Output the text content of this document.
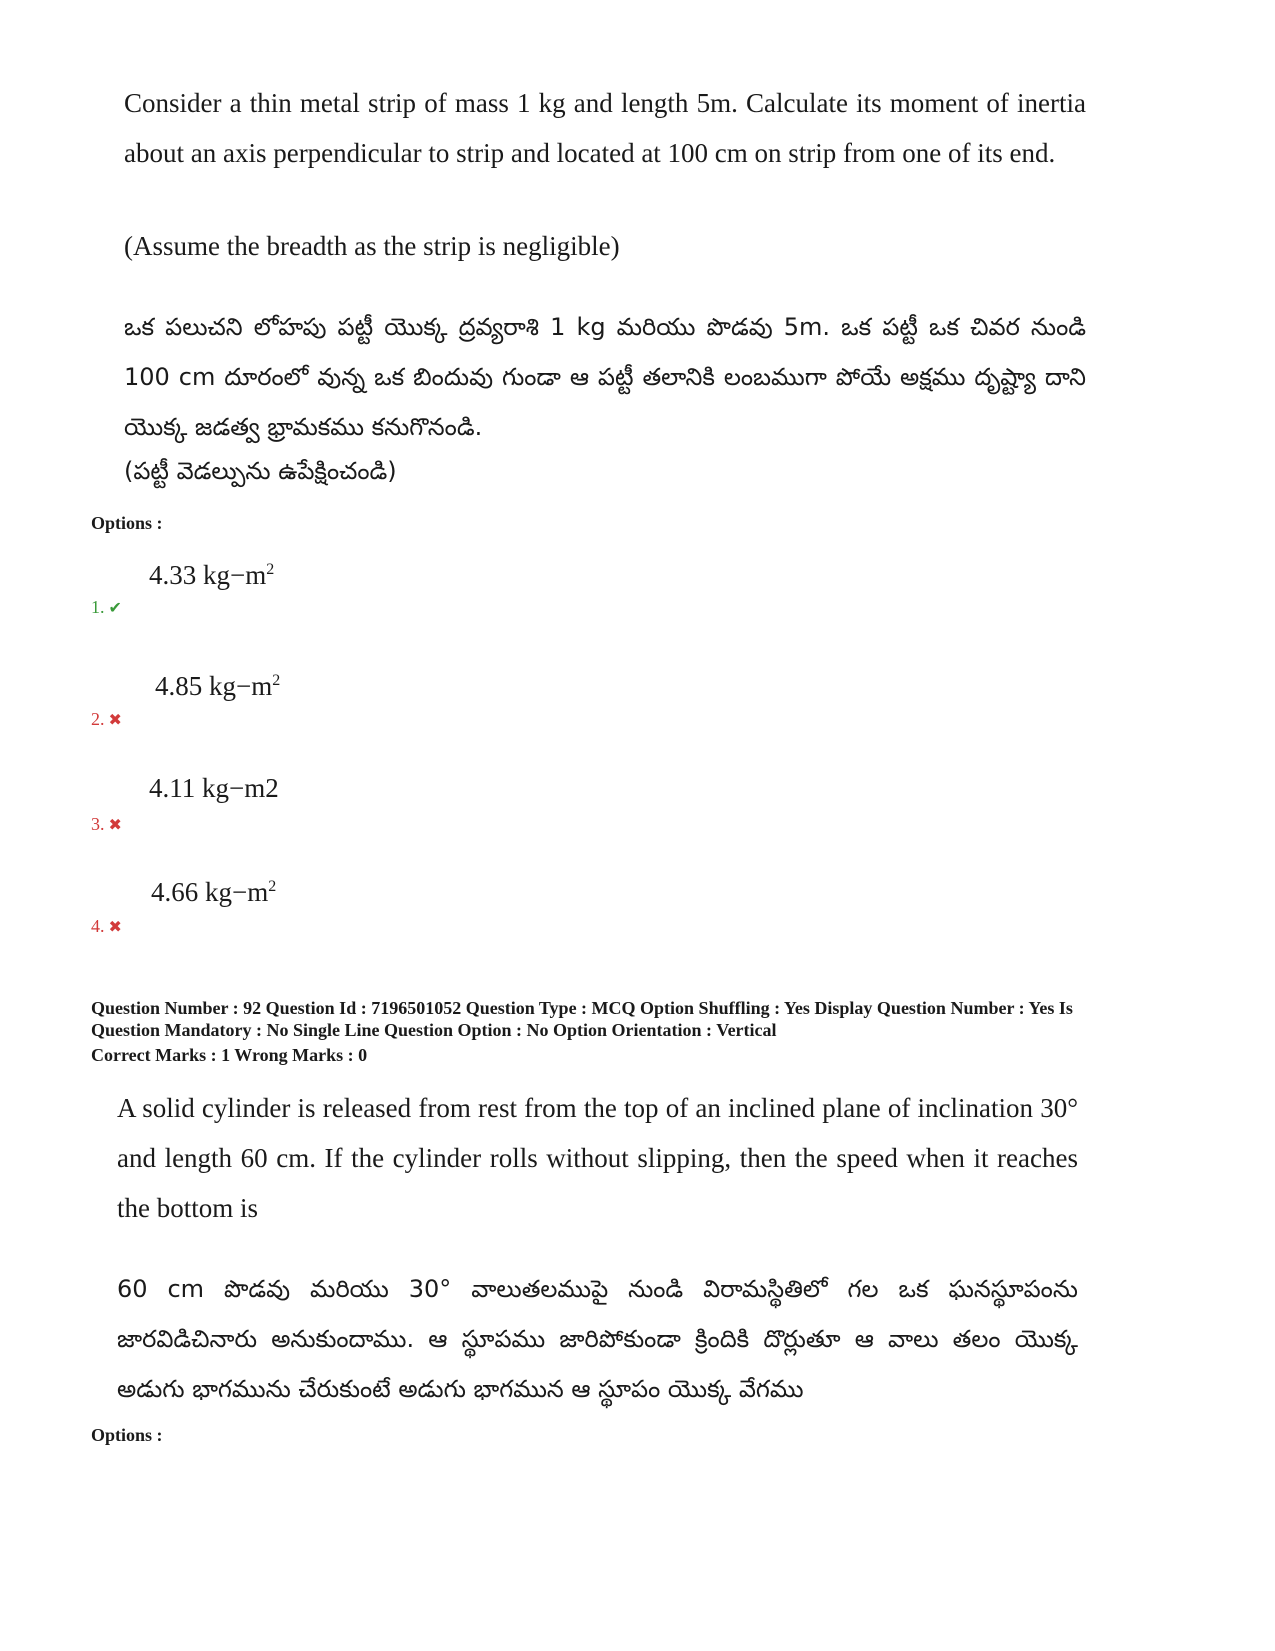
Consider a thin metal strip of mass 1 kg and length 5m. Calculate its moment of inertia about an axis perpendicular to strip and located at 100 cm on strip from one of its end.
(Assume the breadth as the strip is negligible)
ఒక పలుచని లోహపు పట్టీ యొక్క ద్రవ్యరాశి 1 kg మరియు పొడవు 5m. ఒక పట్టీ ఒక చివర నుండి 100 cm దూరంలో వున్న ఒక బిందువు గుండా ఆ పట్టీ తలానికి లంబముగా పోయే అక్షము దృష్ట్యా దాని యొక్క జడత్వ భ్రామకము కనుగొనండి.
(పట్టీ వెడల్పును ఉపేక్షించండి)
Options :
4.33 $kg-m^2$
1. ✔
4.85 $kg-m^2$
2. ✖
4.11 kg−m2
3. ✖
4.66 $kg-m^2$
4. ✖
Question Number : 92 Question Id : 7196501052 Question Type : MCQ Option Shuffling : Yes Display Question Number : Yes Is
Question Mandatory : No Single Line Question Option : No Option Orientation : Vertical
Correct Marks : 1 Wrong Marks : 0
A solid cylinder is released from rest from the top of an inclined plane of inclination 30° and length 60 cm. If the cylinder rolls without slipping, then the speed when it reaches the bottom is
60 cm పొడవు మరియు 30° వాలుతలముపై నుండి విరామస్థితిలో గల ఒక ఘనస్థూపంను జారవిడిచినారు అనుకుందాము. ఆ స్థూపము జారిపోకుండా క్రిందికి దొర్లుతూ ఆ వాలు తలం యొక్క అడుగు భాగమును చేరుకుంటే అడుగు భాగమున ఆ స్థూపం యొక్క వేగము
Options :
